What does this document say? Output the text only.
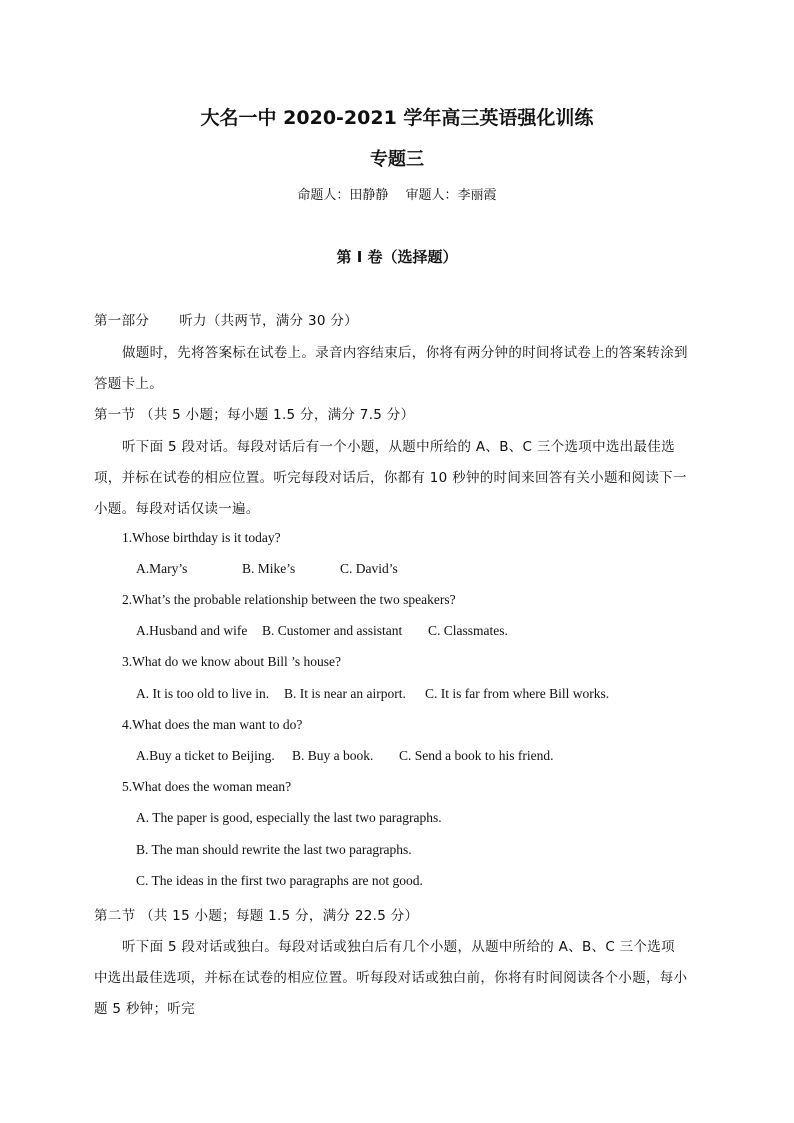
大名一中 2020-2021 学年高三英语强化训练
专题三
命题人：田静静　 审题人：李丽霞
第 I 卷（选择题）
第一部分 听力（共两节，满分 30 分）
做题时，先将答案标在试卷上。录音内容结束后，你将有两分钟的时间将试卷上的答案转涂到
答题卡上。
第一节 （共 5 小题；每小题 1.5 分，满分 7.5 分）
听下面 5 段对话。每段对话后有一个小题，从题中所给的 A、B、C 三个选项中选出最佳选
项，并标在试卷的相应位置。听完每段对话后，你都有 10 秒钟的时间来回答有关小题和阅读下一
小题。每段对话仅读一遍。
1.Whose birthday is it today?
A.Mary’s	B. Mike’s	C. David’s
2.What’s the probable relationship between the two speakers?
A.Husband and wife B. Customer and assistant C. Classmates.
3.What do we know about Bill ’s house?
A. It is too old to live in. B. It is near an airport. C. It is far from where Bill works.
4.What does the man want to do?
A.Buy a ticket to Beijing. B. Buy a book. C. Send a book to his friend.
5.What does the woman mean?
A. The paper is good, especially the last two paragraphs.
B. The man should rewrite the last two paragraphs.
C. The ideas in the first two paragraphs are not good.
第二节 （共 15 小题；每题 1.5 分，满分 22.5 分）
听下面 5 段对话或独白。每段对话或独白后有几个小题，从题中所给的 A、B、C 三个选项
中选出最佳选项，并标在试卷的相应位置。听每段对话或独白前，你将有时间阅读各个小题，每小
题 5 秒钟；听完
